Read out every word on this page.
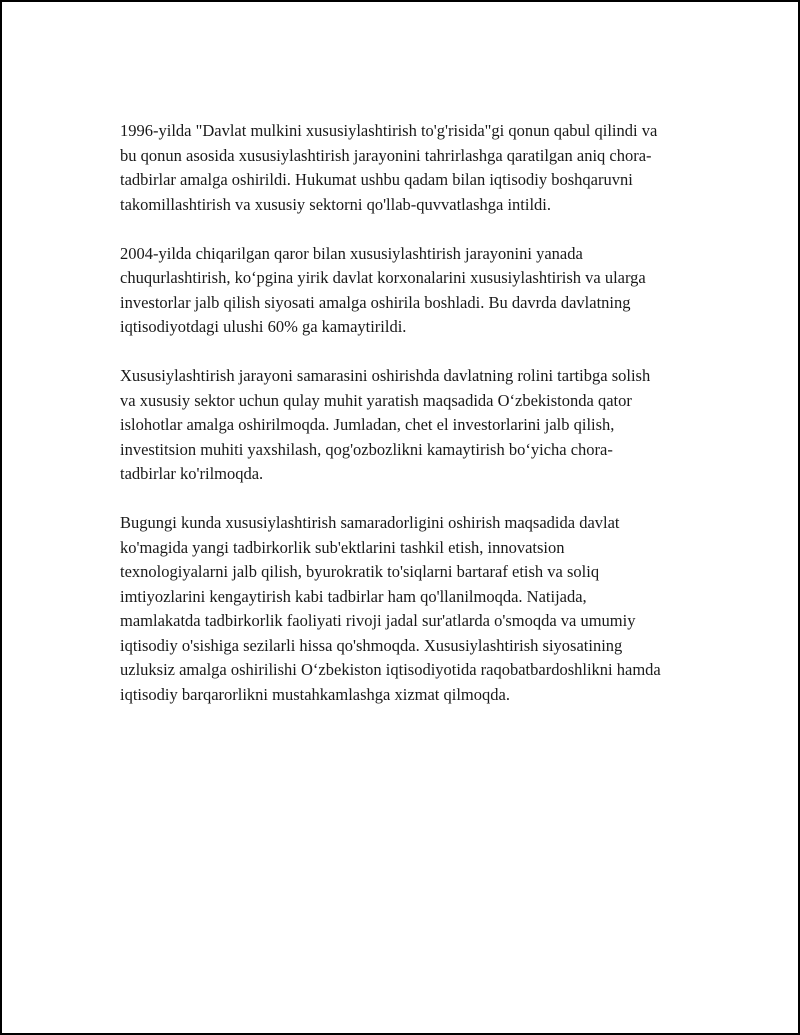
1996-yilda "Davlat mulkini xususiylashtirish to'g'risida"gi qonun qabul qilindi va bu qonun asosida xususiylashtirish jarayonini tahrirlashga qaratilgan aniq chora-tadbirlar amalga oshirildi. Hukumat ushbu qadam bilan iqtisodiy boshqaruvni takomillashtirish va xususiy sektorni qo'llab-quvvatlashga intildi.

2004-yilda chiqarilgan qaror bilan xususiylashtirish jarayonini yanada chuqurlashtirish, ko‘pgina yirik davlat korxonalarini xususiylashtirish va ularga investorlar jalb qilish siyosati amalga oshirila boshladi. Bu davrda davlatning iqtisodiyotdagi ulushi 60% ga kamaytirildi.

Xususiylashtirish jarayoni samarasini oshirishda davlatning rolini tartibga solish va xususiy sektor uchun qulay muhit yaratish maqsadida O‘zbekistonda qator islohotlar amalga oshirilmoqda. Jumladan, chet el investorlarini jalb qilish, investitsion muhiti yaxshilash, qog'ozbozlikni kamaytirish bo‘yicha chora-tadbirlar ko'rilmoqda.

Bugungi kunda xususiylashtirish samaradorligini oshirish maqsadida davlat ko'magida yangi tadbirkorlik sub'ektlarini tashkil etish, innovatsion texnologiyalarni jalb qilish, byurokratik to'siqlarni bartaraf etish va soliq imtiyozlarini kengaytirish kabi tadbirlar ham qo'llanilmoqda. Natijada, mamlakatda tadbirkorlik faoliyati rivoji jadal sur'atlarda o'smoqda va umumiy iqtisodiy o'sishiga sezilarli hissa qo'shmoqda. Xususiylashtirish siyosatining uzluksiz amalga oshirilishi O‘zbekiston iqtisodiyotida raqobatbardoshlikni hamda iqtisodiy barqarorlikni mustahkamlashga xizmat qilmoqda.
